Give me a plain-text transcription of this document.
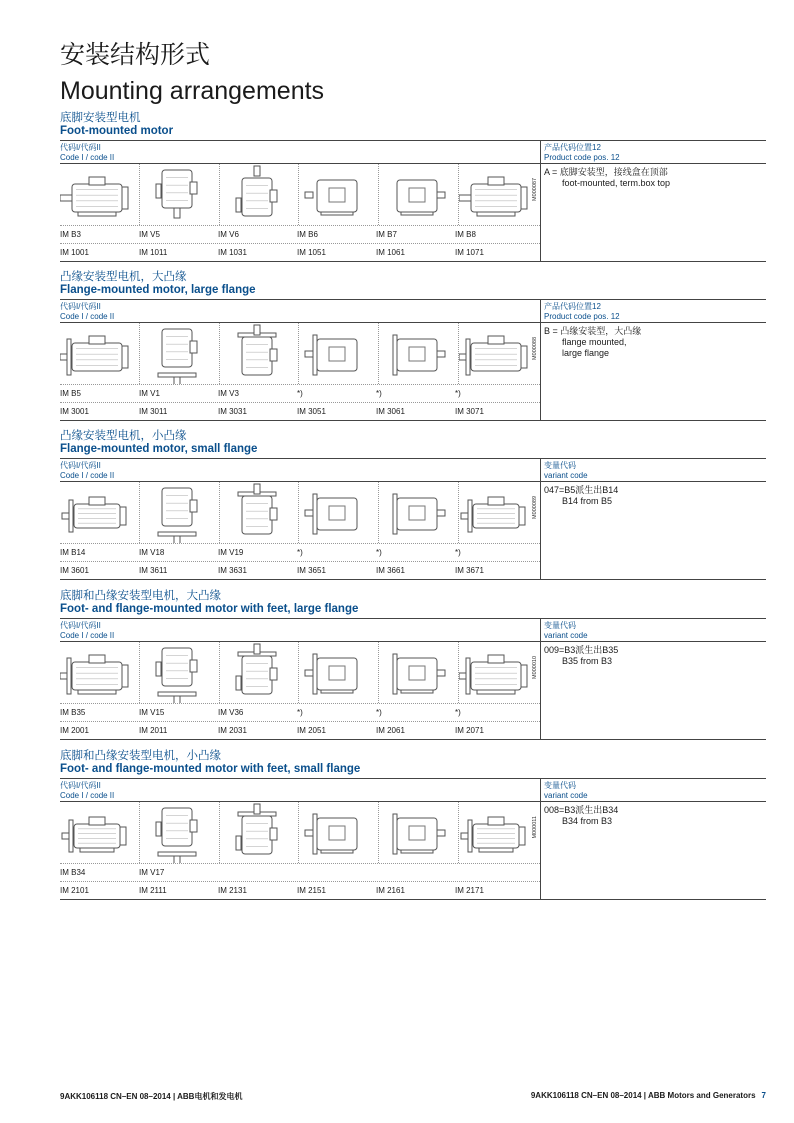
安装结构形式
Mounting arrangements
底脚安装型电机
Foot-mounted motor
代码I/代码II
Code I / code II
产品代码位置12
Product code pos. 12
M000087
IM B3	IM V5	IM V6	IM B6	IM B7	IM B8
IM 1001	IM 1011	IM 1031	IM 1051	IM 1061	IM 1071
A = 底脚安装型，接线盒在顶部
foot-mounted, term.box top
凸缘安装型电机，大凸缘
Flange-mounted motor, large flange
代码I/代码II
Code I / code II
产品代码位置12
Product code pos. 12
M000088
IM B5	IM V1	IM V3	*)	*)	*)
IM 3001	IM 3011	IM 3031	IM 3051	IM 3061	IM 3071
B = 凸缘安装型，大凸缘
flange mounted,
large flange
凸缘安装型电机，小凸缘
Flange-mounted motor, small flange
代码I/代码II
Code I / code II
变量代码
variant code
M000089
IM B14	IM V18	IM V19	*)	*)	*)
IM 3601	IM 3611	IM 3631	IM 3651	IM 3661	IM 3671
047=B5派生出B14
B14 from B5
底脚和凸缘安装型电机，大凸缘
Foot- and flange-mounted motor with feet, large flange
代码I/代码II
Code I / code II
变量代码
variant code
M000010
IM B35	IM V15	IM V36	*)	*)	*)
IM 2001	IM 2011	IM 2031	IM 2051	IM 2061	IM 2071
009=B3派生出B35
B35 from B3
底脚和凸缘安装型电机，小凸缘
Foot- and flange-mounted motor with feet, small flange
代码I/代码II
Code I / code II
变量代码
variant code
M000011
IM B34	IM V17
IM 2101	IM 2111	IM 2131	IM 2151	IM 2161	IM 2171
008=B3派生出B34
B34 from B3
9AKK106118 CN–EN 08–2014 | ABB电机和发电机	9AKK106118 CN–EN 08–2014 | ABB Motors and Generators 7
